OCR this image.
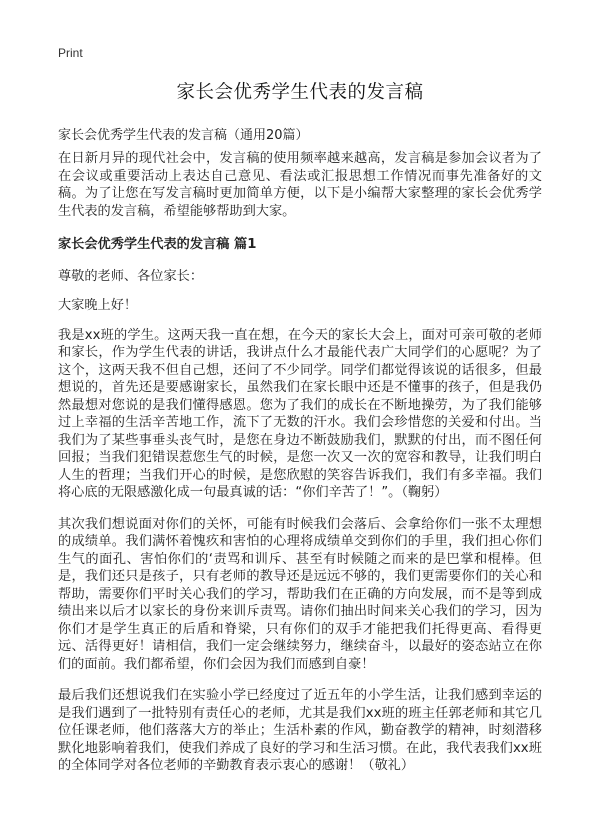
Print
家长会优秀学生代表的发言稿
家长会优秀学生代表的发言稿（通用20篇）

在日新月异的现代社会中，发言稿的使用频率越来越高，发言稿是参加会议者为了在会议或重要活动上表达自己意见、看法或汇报思想工作情况而事先准备好的文稿。为了让您在写发言稿时更加简单方便，以下是小编帮大家整理的家长会优秀学生代表的发言稿，希望能够帮助到大家。

家长会优秀学生代表的发言稿 篇1

尊敬的老师、各位家长：

大家晚上好！

我是xx班的学生。这两天我一直在想，在今天的家长大会上，面对可亲可敬的老师和家长，作为学生代表的讲话，我讲点什么才最能代表广大同学们的心愿呢？为了这个，这两天我不但自己想，还问了不少同学。同学们都觉得该说的话很多，但最想说的，首先还是要感谢家长，虽然我们在家长眼中还是不懂事的孩子，但是我仍然最想对您说的是我们懂得感恩。您为了我们的成长在不断地操劳，为了我们能够过上幸福的生活辛苦地工作，流下了无数的汗水。我们会珍惜您的关爱和付出。当我们为了某些事垂头丧气时，是您在身边不断鼓励我们，默默的付出，而不图任何回报；当我们犯错误惹您生气的时候，是您一次又一次的宽容和教导，让我们明白人生的哲理；当我们开心的时候，是您欣慰的笑容告诉我们，我们有多幸福。我们将心底的无限感激化成一句最真诚的话：“你们辛苦了！”。（鞠躬）

其次我们想说面对你们的关怀，可能有时候我们会落后、会拿给你们一张不太理想的成绩单。我们满怀着愧疚和害怕的心理将成绩单交到你们的手里，我们担心你们生气的面孔、害怕你们的‘责骂和训斥、甚至有时候随之而来的是巴掌和棍棒。但是，我们还只是孩子，只有老师的教导还是远远不够的，我们更需要你们的关心和帮助，需要你们平时关心我们的学习，帮助我们在正确的方向发展，而不是等到成绩出来以后才以家长的身份来训斥责骂。请你们抽出时间来关心我们的学习，因为你们才是学生真正的后盾和脊梁，只有你们的双手才能把我们托得更高、看得更远、活得更好！请相信，我们一定会继续努力，继续奋斗，以最好的姿态站立在你们的面前。我们都希望，你们会因为我们而感到自豪！

最后我们还想说我们在实验小学已经度过了近五年的小学生活，让我们感到幸运的是我们遇到了一批特别有责任心的老师，尤其是我们xx班的班主任郭老师和其它几位任课老师，他们落落大方的举止；生活朴素的作风，勤奋教学的精神，时刻潜移默化地影响着我们，使我们养成了良好的学习和生活习惯。在此，我代表我们xx班的全体同学对各位老师的辛勤教育表示衷心的感谢！（敬礼）
